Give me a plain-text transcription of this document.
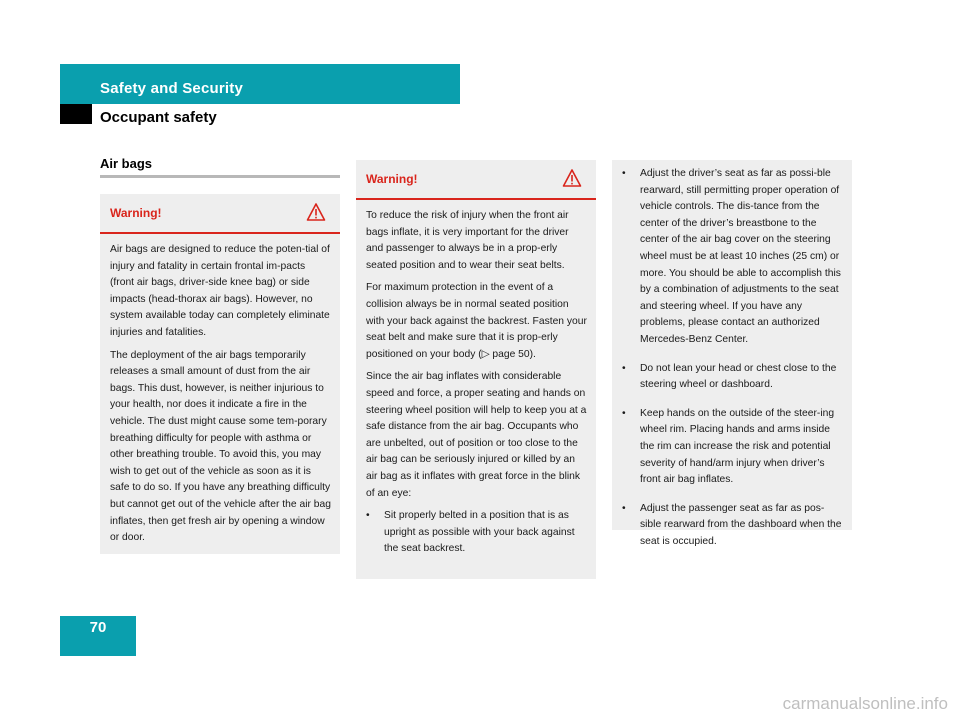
Safety and Security
Occupant safety
Air bags
Warning!

Air bags are designed to reduce the poten-tial of injury and fatality in certain frontal im-pacts (front air bags, driver-side knee bag) or side impacts (head-thorax air bags). However, no system available today can completely eliminate injuries and fatalities.

The deployment of the air bags temporarily releases a small amount of dust from the air bags. This dust, however, is neither injurious to your health, nor does it indicate a fire in the vehicle. The dust might cause some tem-porary breathing difficulty for people with asthma or other breathing trouble. To avoid this, you may wish to get out of the vehicle as soon as it is safe to do so. If you have any breathing difficulty but cannot get out of the vehicle after the air bag inflates, then get fresh air by opening a window or door.

Warning!

To reduce the risk of injury when the front air bags inflate, it is very important for the driver and passenger to always be in a prop-erly seated position and to wear their seat belts.

For maximum protection in the event of a collision always be in normal seated position with your back against the backrest. Fasten your seat belt and make sure that it is prop-erly positioned on your body (▷ page 50).

Since the air bag inflates with considerable speed and force, a proper seating and hands on steering wheel position will help to keep you at a safe distance from the air bag. Occupants who are unbelted, out of position or too close to the air bag can be seriously injured or killed by an air bag as it inflates with great force in the blink of an eye:

•	Sit properly belted in a position that is as upright as possible with your back against the seat backrest.

•	Adjust the driver’s seat as far as possi-ble rearward, still permitting proper operation of vehicle controls. The dis-tance from the center of the driver’s breastbone to the center of the air bag cover on the steering wheel must be at least 10 inches (25 cm) or more. You should be able to accomplish this by a combination of adjustments to the seat and steering wheel. If you have any problems, please contact an authorized Mercedes-Benz Center.

•	Do not lean your head or chest close to the steering wheel or dashboard.

•	Keep hands on the outside of the steer-ing wheel rim. Placing hands and arms inside the rim can increase the risk and potential severity of hand/arm injury when driver’s front air bag inflates.

•	Adjust the passenger seat as far as pos-sible rearward from the dashboard when the seat is occupied.

70
carmanualsonline.info
